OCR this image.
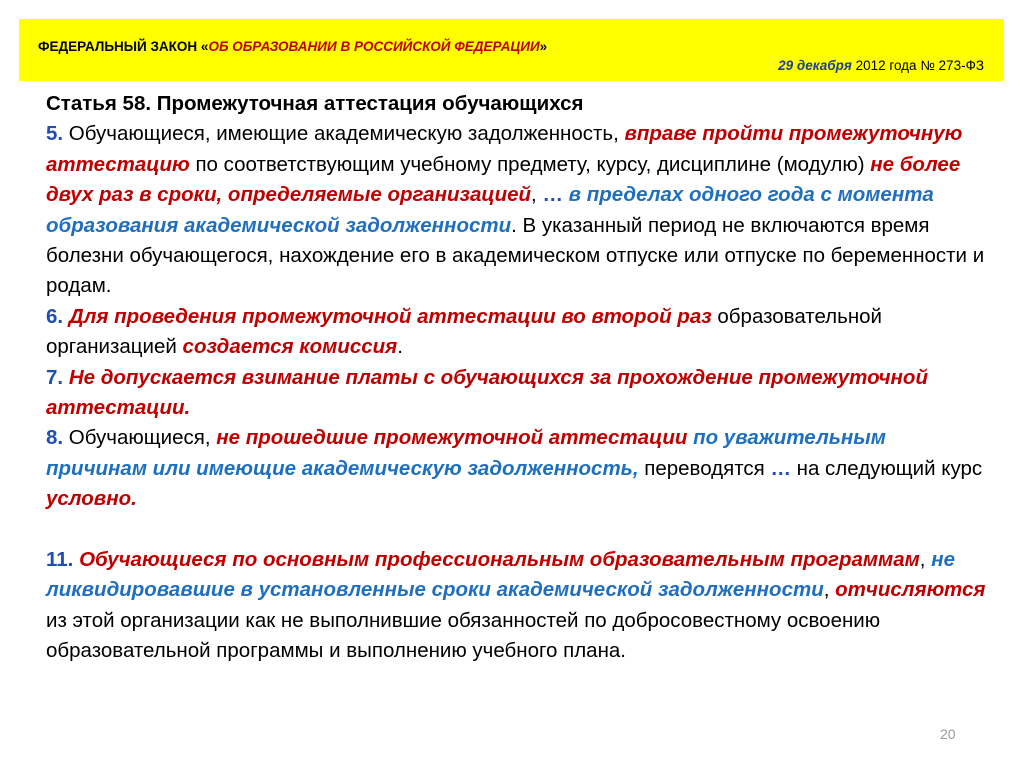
ФЕДЕРАЛЬНЫЙ ЗАКОН «ОБ ОБРАЗОВАНИИ В РОССИЙСКОЙ ФЕДЕРАЦИИ»
29 декабря 2012 года № 273-ФЗ

Статья 58. Промежуточная аттестация обучающихся

5. Обучающиеся, имеющие академическую задолженность, вправе пройти промежуточную аттестацию по соответствующим учебному предмету, курсу, дисциплине (модулю) не более двух раз в сроки, определяемые организацией, … в пределах одного года с момента образования академической задолженности. В указанный период не включаются время болезни обучающегося, нахождение его в академическом отпуске или отпуске по беременности и родам.

6. Для проведения промежуточной аттестации во второй раз образовательной организацией создается комиссия.

7. Не допускается взимание платы с обучающихся за прохождение промежуточной аттестации.

8. Обучающиеся, не прошедшие промежуточной аттестации по уважительным причинам или имеющие академическую задолженность, переводятся … на следующий курс условно.

11. Обучающиеся по основным профессиональным образовательным программам, не ликвидировавшие в установленные сроки академической задолженности, отчисляются из этой организации как не выполнившие обязанностей по добросовестному освоению образовательной программы и выполнению учебного плана.

20
